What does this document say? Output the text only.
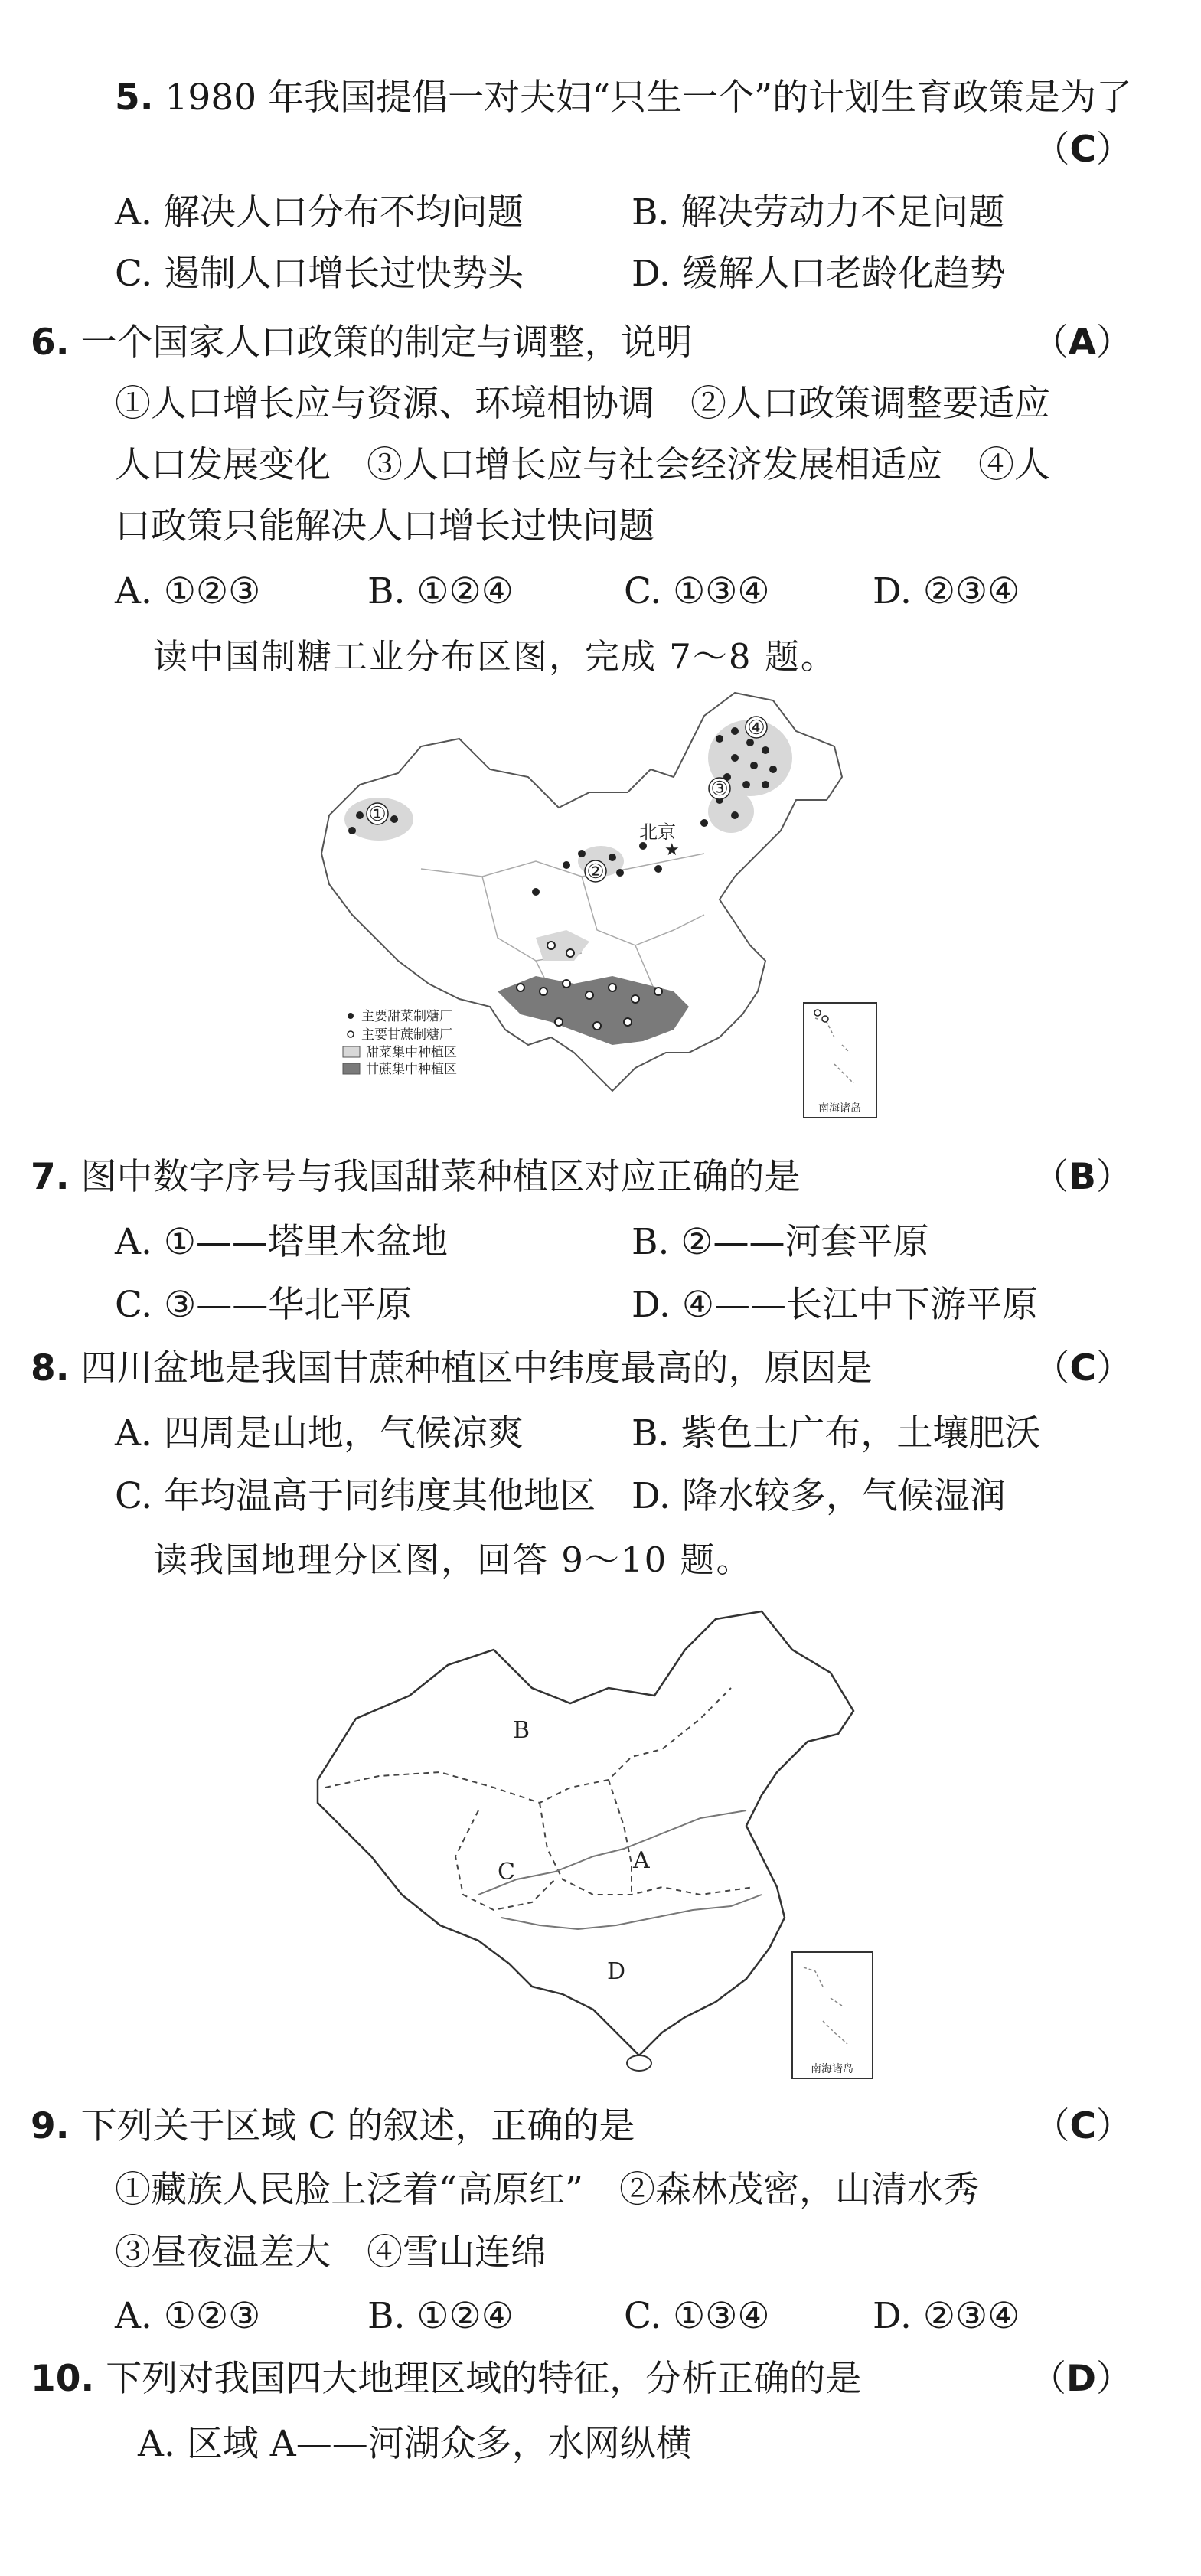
5. 1980 年我国提倡一对夫妇“只生一个”的计划生育政策是为了
（C）
A. 解决人口分布不均问题	B. 解决劳动力不足问题
C. 遏制人口增长过快势头	D. 缓解人口老龄化趋势
6. 一个国家人口政策的制定与调整，说明	（A）
①人口增长应与资源、环境相协调　②人口政策调整要适应
人口发展变化　③人口增长应与社会经济发展相适应　④人
口政策只能解决人口增长过快问题
A. ①②③	B. ①②④	C. ①③④	D. ②③④
读中国制糖工业分布区图，完成 7～8 题。
④
③
①
②
北京
★
主要甜菜制糖厂
主要甘蔗制糖厂
甜菜集中种植区
甘蔗集中种植区
南海诸岛
7. 图中数字序号与我国甜菜种植区对应正确的是	（B）
A. ①——塔里木盆地	B. ②——河套平原
C. ③——华北平原	D. ④——长江中下游平原
8. 四川盆地是我国甘蔗种植区中纬度最高的，原因是	（C）
A. 四周是山地，气候凉爽	B. 紫色土广布，土壤肥沃
C. 年均温高于同纬度其他地区 D. 降水较多，气候湿润
读我国地理分区图，回答 9～10 题。
B
A
C
D
南海诸岛
9. 下列关于区域 C 的叙述，正确的是	（C）
①藏族人民脸上泛着“高原红”　②森林茂密，山清水秀
③昼夜温差大　④雪山连绵
A. ①②③	B. ①②④	C. ①③④	D. ②③④
10. 下列对我国四大地理区域的特征，分析正确的是	（D）
A. 区域 A——河湖众多，水网纵横
